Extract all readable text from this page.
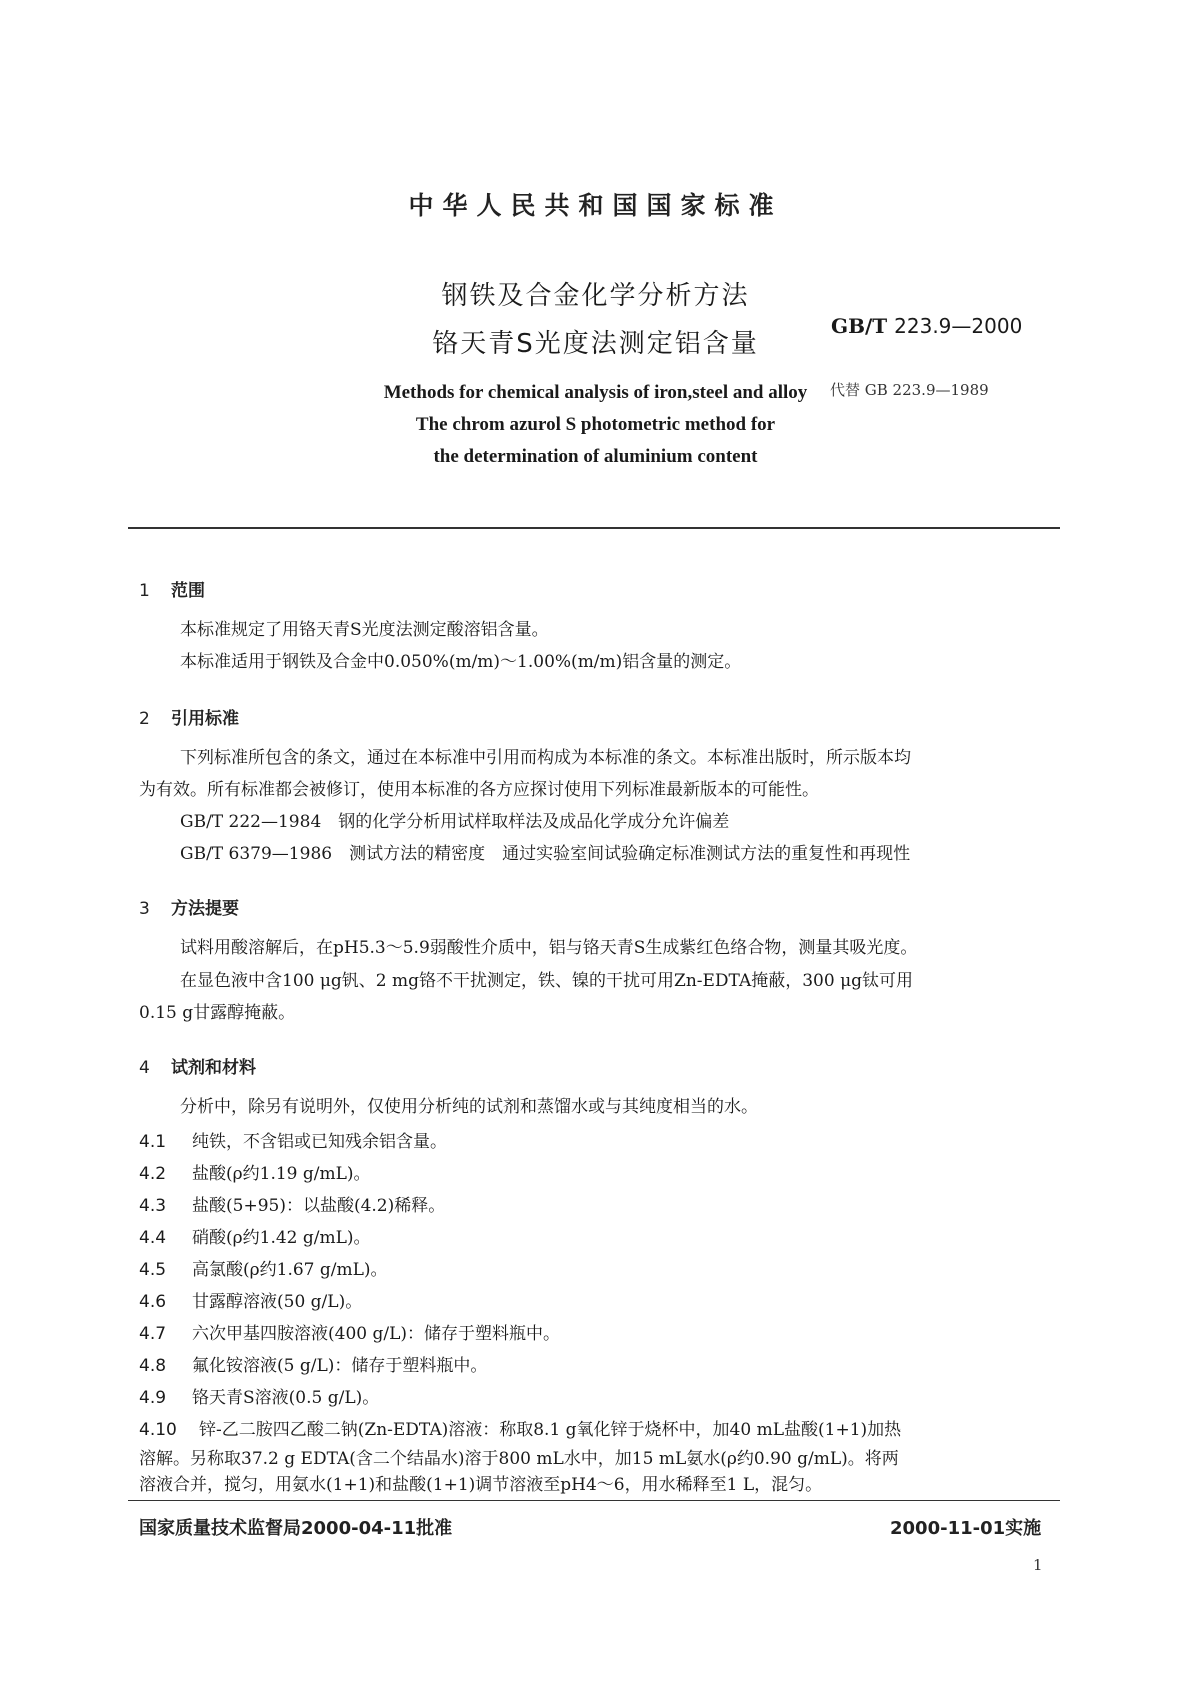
中华人民共和国国家标准
钢铁及合金化学分析方法
铬天青S光度法测定铝含量
GB/T 223.9—2000
代替 GB 223.9—1989
Methods for chemical analysis of iron,steel and alloy
The chrom azurol S photometric method for
the determination of aluminium content
1 范围
本标准规定了用铬天青S光度法测定酸溶铝含量。
本标准适用于钢铁及合金中0.050%(m/m)～1.00%(m/m)铝含量的测定。
2 引用标准
下列标准所包含的条文，通过在本标准中引用而构成为本标准的条文。本标准出版时，所示版本均
为有效。所有标准都会被修订，使用本标准的各方应探讨使用下列标准最新版本的可能性。
GB/T 222—1984　钢的化学分析用试样取样法及成品化学成分允许偏差
GB/T 6379—1986　测试方法的精密度　通过实验室间试验确定标准测试方法的重复性和再现性
3 方法提要
试料用酸溶解后，在pH5.3～5.9弱酸性介质中，铝与铬天青S生成紫红色络合物，测量其吸光度。
在显色液中含100 μg钒、2 mg铬不干扰测定，铁、镍的干扰可用Zn-EDTA掩蔽，300 μg钛可用
0.15 g甘露醇掩蔽。
4 试剂和材料
分析中，除另有说明外，仅使用分析纯的试剂和蒸馏水或与其纯度相当的水。
4.1 纯铁，不含铝或已知残余铝含量。
4.2 盐酸(ρ约1.19 g/mL)。
4.3 盐酸(5+95)：以盐酸(4.2)稀释。
4.4 硝酸(ρ约1.42 g/mL)。
4.5 高氯酸(ρ约1.67 g/mL)。
4.6 甘露醇溶液(50 g/L)。
4.7 六次甲基四胺溶液(400 g/L)：储存于塑料瓶中。
4.8 氟化铵溶液(5 g/L)：储存于塑料瓶中。
4.9 铬天青S溶液(0.5 g/L)。
4.10 锌-乙二胺四乙酸二钠(Zn-EDTA)溶液：称取8.1 g氧化锌于烧杯中，加40 mL盐酸(1+1)加热
溶解。另称取37.2 g EDTA(含二个结晶水)溶于800 mL水中，加15 mL氨水(ρ约0.90 g/mL)。将两
溶液合并，搅匀，用氨水(1+1)和盐酸(1+1)调节溶液至pH4～6，用水稀释至1 L，混匀。
国家质量技术监督局2000-04-11批准	2000-11-01实施
1
